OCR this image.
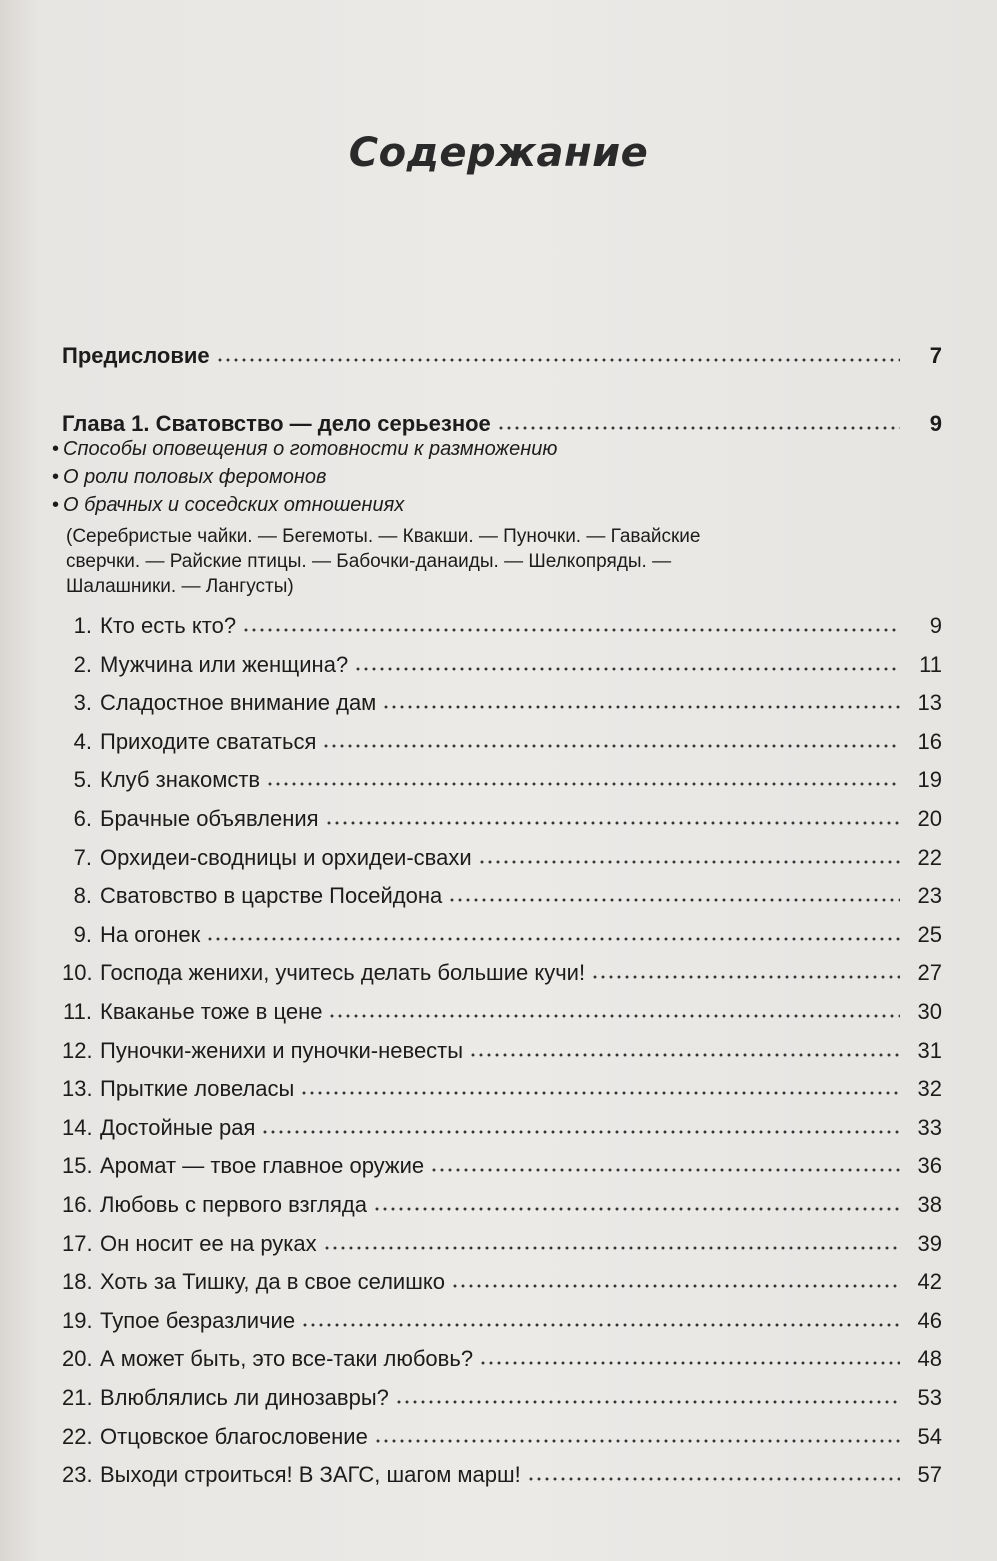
Содержание
Предисловие	7
Глава 1. Сватовство — дело серьезное	9
• Способы оповещения о готовности к размножению
• О роли половых феромонов
• О брачных и соседских отношениях
(Серебристые чайки. — Бегемоты. — Квакши. — Пуночки. — Гавайские
сверчки. — Райские птицы. — Бабочки-данаиды. — Шелкопряды. —
Шалашники. — Лангусты)
1. Кто есть кто?	9
2. Мужчина или женщина?	11
3. Сладостное внимание дам	13
4. Приходите свататься	16
5. Клуб знакомств	19
6. Брачные объявления	20
7. Орхидеи-сводницы и орхидеи-свахи	22
8. Сватовство в царстве Посейдона	23
9. На огонек	25
10. Господа женихи, учитесь делать большие кучи!	27
11. Кваканье тоже в цене	30
12. Пуночки-женихи и пуночки-невесты	31
13. Прыткие ловеласы	32
14. Достойные рая	33
15. Аромат — твое главное оружие	36
16. Любовь с первого взгляда	38
17. Он носит ее на руках	39
18. Хоть за Тишку, да в свое селишко	42
19. Тупое безразличие	46
20. А может быть, это все-таки любовь?	48
21. Влюблялись ли динозавры?	53
22. Отцовское благословение	54
23. Выходи строиться! В ЗАГС, шагом марш!	57
